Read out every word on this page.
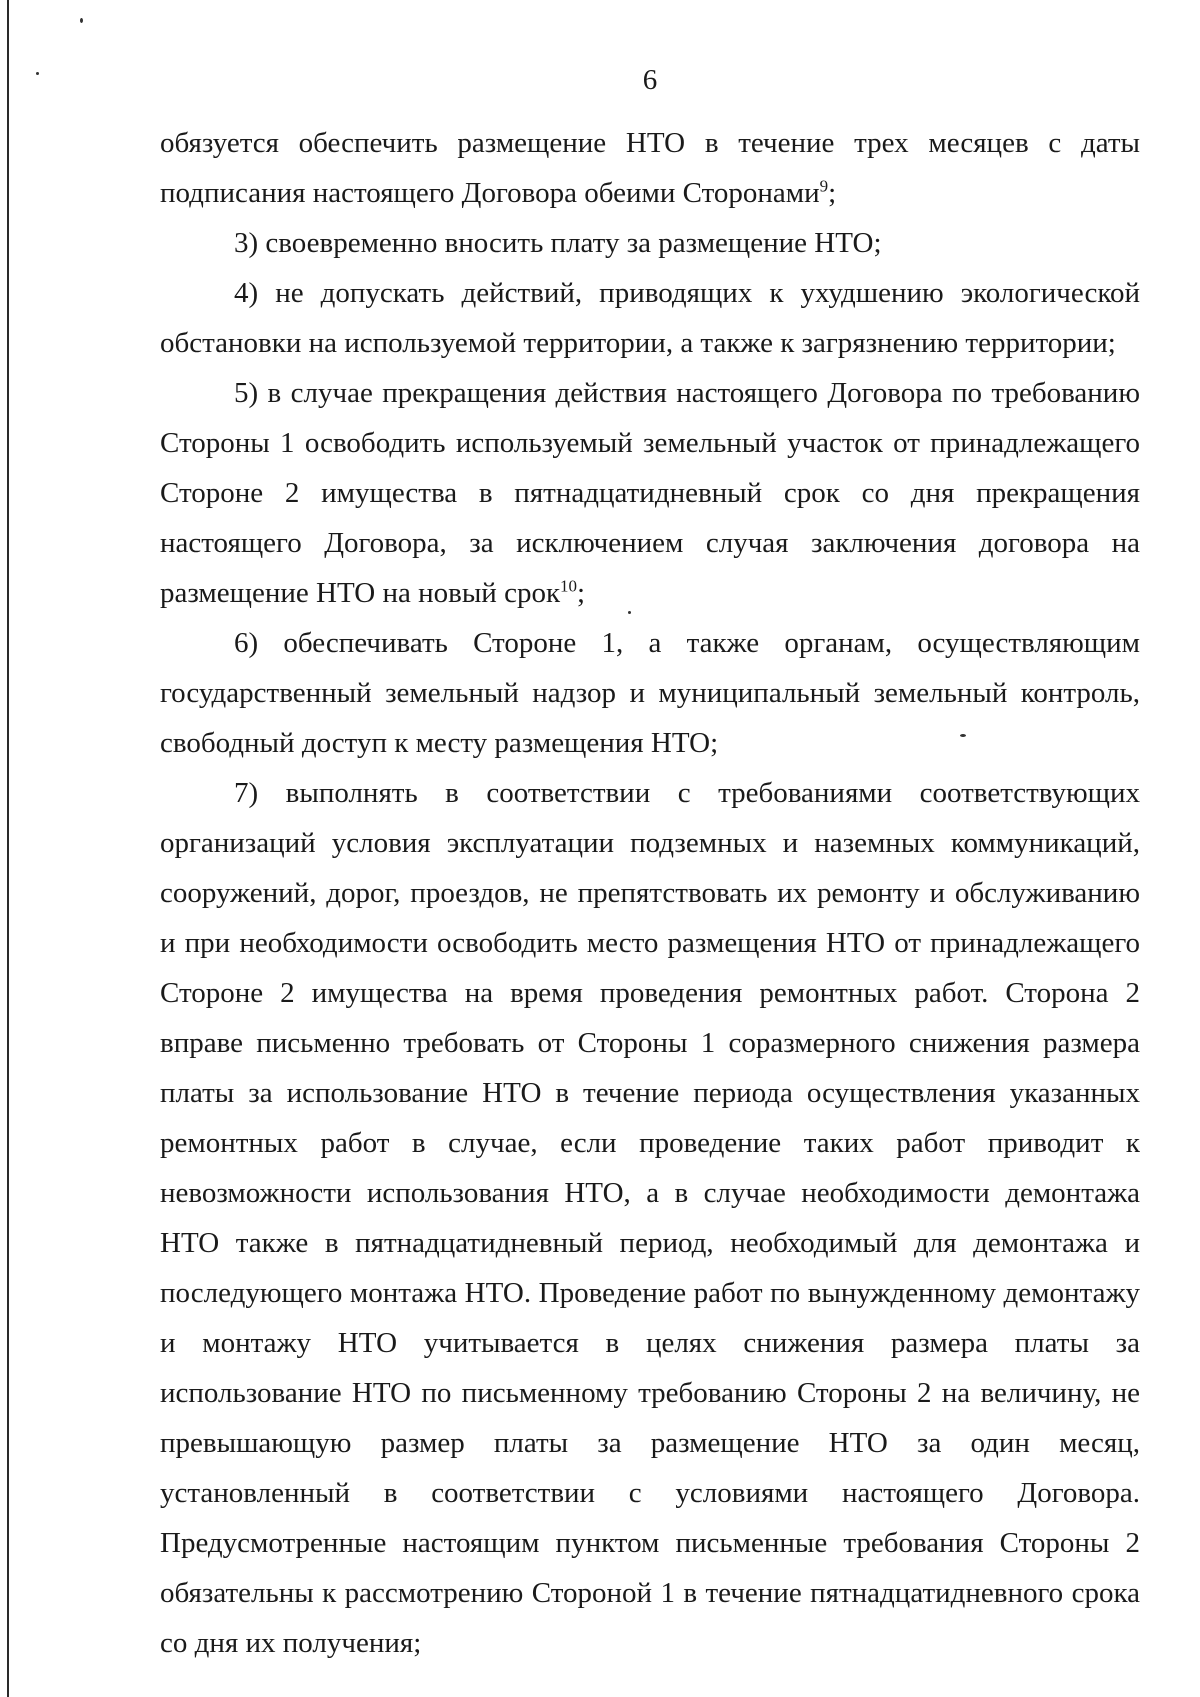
6

обязуется обеспечить размещение НТО в течение трех месяцев с даты подписания настоящего Договора обеими Сторонами$^9$;

3) своевременно вносить плату за размещение НТО;

4) не допускать действий, приводящих к ухудшению экологической обстановки на используемой территории, а также к загрязнению территории;

5) в случае прекращения действия настоящего Договора по требованию Стороны 1 освободить используемый земельный участок от принадлежащего Стороне 2 имущества в пятнадцатидневный срок со дня прекращения настоящего Договора, за исключением случая заключения договора на размещение НТО на новый срок$^{10}$;

6) обеспечивать Стороне 1, а также органам, осуществляющим государственный земельный надзор и муниципальный земельный контроль, свободный доступ к месту размещения НТО;

7) выполнять в соответствии с требованиями соответствующих организаций условия эксплуатации подземных и наземных коммуникаций, сооружений, дорог, проездов, не препятствовать их ремонту и обслуживанию и при необходимости освободить место размещения НТО от принадлежащего Стороне 2 имущества на время проведения ремонтных работ. Сторона 2 вправе письменно требовать от Стороны 1 соразмерного снижения размера платы за использование НТО в течение периода осуществления указанных ремонтных работ в случае, если проведение таких работ приводит к невозможности использования НТО, а в случае необходимости демонтажа НТО также в пятнадцатидневный период, необходимый для демонтажа и последующего монтажа НТО. Проведение работ по вынужденному демонтажу и монтажу НТО учитывается в целях снижения размера платы за использование НТО по письменному требованию Стороны 2 на величину, не превышающую размер платы за размещение НТО за один месяц, установленный в соответствии с условиями настоящего Договора. Предусмотренные настоящим пунктом письменные требования Стороны 2 обязательны к рассмотрению Стороной 1 в течение пятнадцатидневного срока со дня их получения;
